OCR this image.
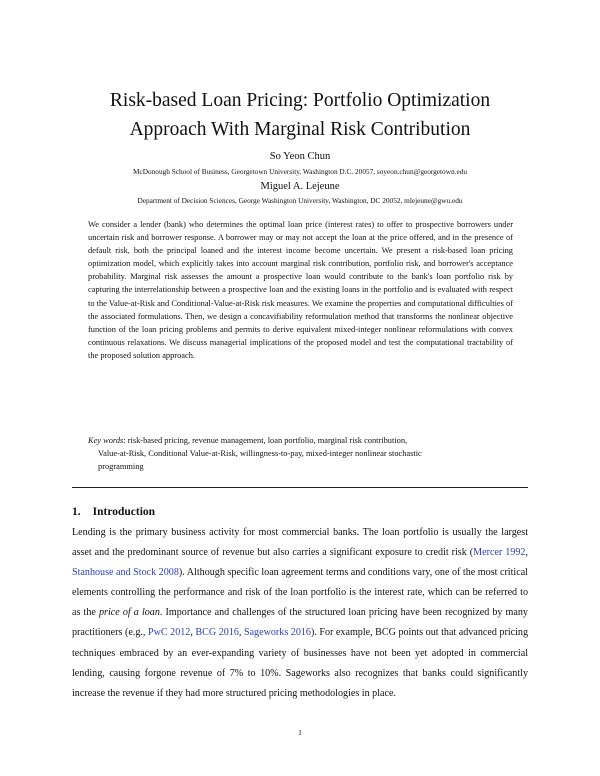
Risk-based Loan Pricing: Portfolio Optimization
Approach With Marginal Risk Contribution
So Yeon Chun
McDonough School of Business, Georgetown University, Washington D.C. 20057, soyeon.chun@georgetown.edu
Miguel A. Lejeune
Department of Decision Sciences, George Washington University, Washington, DC 20052, mlejeune@gwu.edu
We consider a lender (bank) who determines the optimal loan price (interest rates) to offer to prospective borrowers under uncertain risk and borrower response. A borrower may or may not accept the loan at the price offered, and in the presence of default risk, both the principal loaned and the interest income become uncertain. We present a risk-based loan pricing optimization model, which explicitly takes into account marginal risk contribution, portfolio risk, and borrower's acceptance probability. Marginal risk assesses the amount a prospective loan would contribute to the bank's loan portfolio risk by capturing the interrelationship between a prospective loan and the existing loans in the portfolio and is evaluated with respect to the Value-at-Risk and Conditional-Value-at-Risk risk measures. We examine the properties and computational difficulties of the associated formulations. Then, we design a concavifiability reformulation method that transforms the nonlinear objective function of the loan pricing problems and permits to derive equivalent mixed-integer nonlinear reformulations with convex continuous relaxations. We discuss managerial implications of the proposed model and test the computational tractability of the proposed solution approach.
Key words: risk-based pricing, revenue management, loan portfolio, marginal risk contribution,
Value-at-Risk, Conditional Value-at-Risk, willingness-to-pay, mixed-integer nonlinear stochastic
programming
1. Introduction
Lending is the primary business activity for most commercial banks. The loan portfolio is usually the largest asset and the predominant source of revenue but also carries a significant exposure to credit risk (Mercer 1992, Stanhouse and Stock 2008). Although specific loan agreement terms and conditions vary, one of the most critical elements controlling the performance and risk of the loan portfolio is the interest rate, which can be referred to as the price of a loan. Importance and challenges of the structured loan pricing have been recognized by many practitioners (e.g., PwC 2012, BCG 2016, Sageworks 2016). For example, BCG points out that advanced pricing techniques embraced by an ever-expanding variety of businesses have not been yet adopted in commercial lending, causing forgone revenue of 7% to 10%. Sageworks also recognizes that banks could significantly increase the revenue if they had more structured pricing methodologies in place.
1
